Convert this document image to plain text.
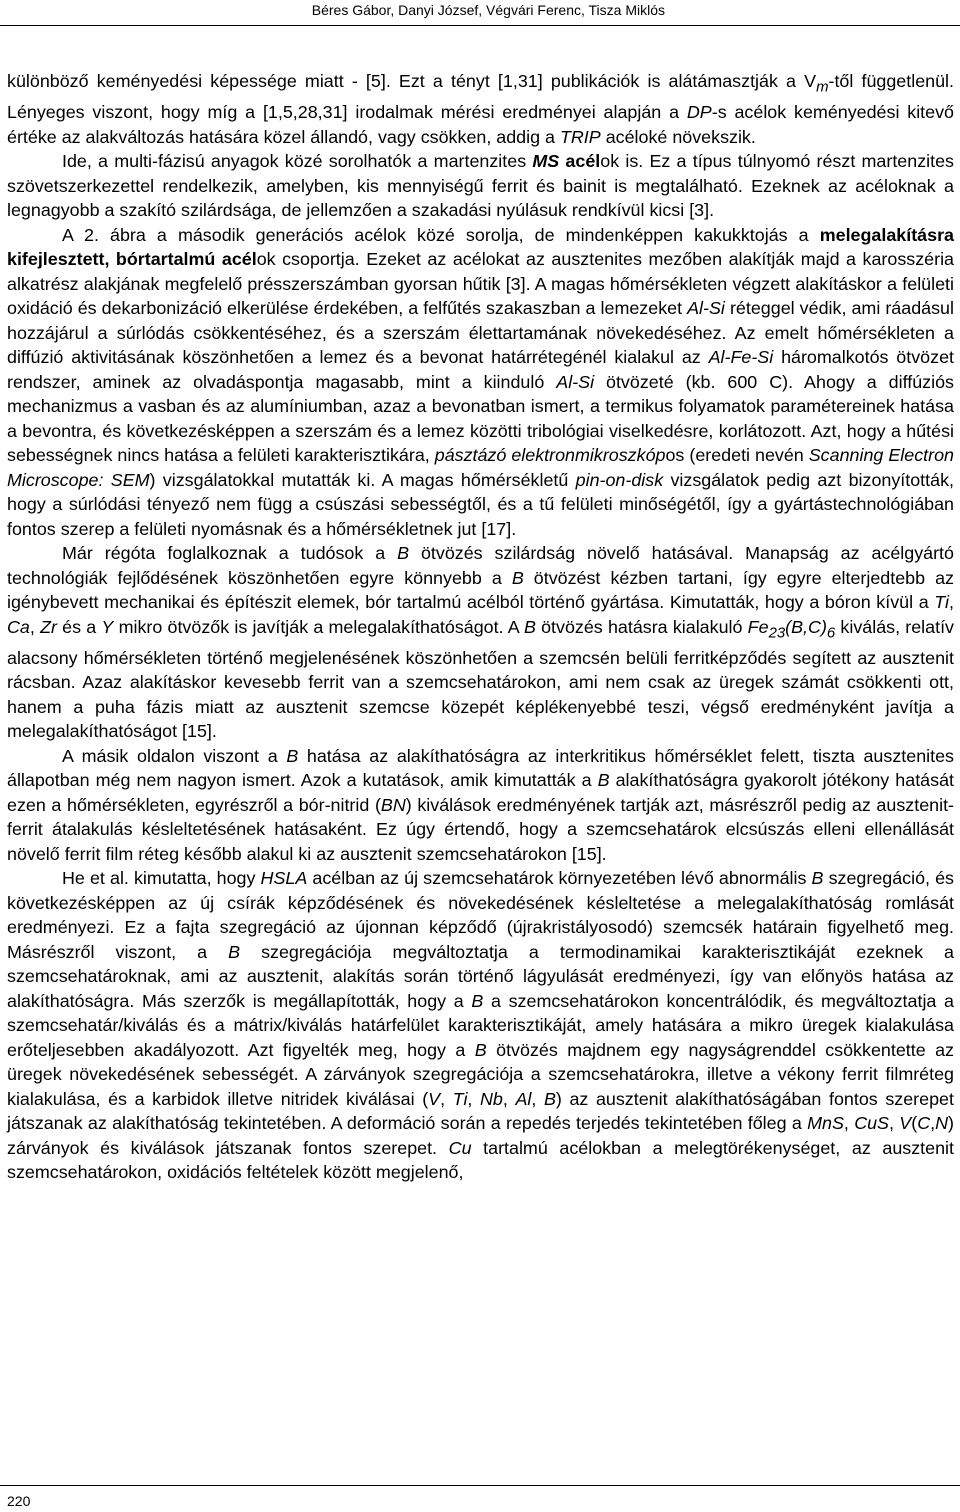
Béres Gábor, Danyi József, Végvári Ferenc, Tisza Miklós

különböző keményedési képessége miatt - [5]. Ezt a tényt [1,31] publikációk is alátámasztják a $V_m$-től függetlenül. Lényeges viszont, hogy míg a [1,5,28,31] irodalmak mérési eredményei alapján a DP-s acélok keményedési kitevő értéke az alakváltozás hatására közel állandó, vagy csökken, addig a TRIP acéloké növekszik.

Ide, a multi-fázisú anyagok közé sorolhatók a martenzites MS acélok is. Ez a típus túlnyomó részt martenzites szövetszerkezettel rendelkezik, amelyben, kis mennyiségű ferrit és bainit is megtalálható. Ezeknek az acéloknak a legnagyobb a szakító szilárdsága, de jellemzően a szakadási nyúlásuk rendkívül kicsi [3].

A 2. ábra a második generációs acélok közé sorolja, de mindenképpen kakukktojás a melegalakításra kifejlesztett, bórtartalmú acélok csoportja. Ezeket az acélokat az ausztenites mezőben alakítják majd a karosszéria alkatrész alakjának megfelelő présszerszámban gyorsan hűtik [3]. A magas hőmérsékleten végzett alakításkor a felületi oxidáció és dekarbonizáció elkerülése érdekében, a felfűtés szakaszban a lemezeket Al-Si réteggel védik, ami ráadásul hozzájárul a súrlódás csökkentéséhez, és a szerszám élettartamának növekedéséhez. Az emelt hőmérsékleten a diffúzió aktivitásának köszönhetően a lemez és a bevonat határrétegénél kialakul az Al-Fe-Si háromalkotós ötvözet rendszer, aminek az olvadáspontja magasabb, mint a kiinduló Al-Si ötvözeté (kb. 600 C). Ahogy a diffúziós mechanizmus a vasban és az alumíniumban, azaz a bevonatban ismert, a termikus folyamatok paramétereinek hatása a bevontra, és következésképpen a szerszám és a lemez közötti tribológiai viselkedésre, korlátozott. Azt, hogy a hűtési sebességnek nincs hatása a felületi karakterisztikára, pásztázó elektronmikroszkópos (eredeti nevén Scanning Electron Microscope: SEM) vizsgálatokkal mutatták ki. A magas hőmérsékletű pin-on-disk vizsgálatok pedig azt bizonyították, hogy a súrlódási tényező nem függ a csúszási sebességtől, és a tű felületi minőségétől, így a gyártástechnológiában fontos szerep a felületi nyomásnak és a hőmérsékletnek jut [17].

Már régóta foglalkoznak a tudósok a B ötvözés szilárdság növelő hatásával. Manapság az acélgyártó technológiák fejlődésének köszönhetően egyre könnyebb a B ötvözést kézben tartani, így egyre elterjedtebb az igénybevett mechanikai és építészit elemek, bór tartalmú acélból történő gyártása. Kimutatták, hogy a bóron kívül a Ti, Ca, Zr és a Y mikro ötvözők is javítják a melegalakíthatóságot. A B ötvözés hatásra kialakuló $Fe_{23}(B,C)_6$ kiválás, relatív alacsony hőmérsékleten történő megjelenésének köszönhetően a szemcsén belüli ferritképződés segített az ausztenit rácsban. Azaz alakításkor kevesebb ferrit van a szemcsehatárokon, ami nem csak az üregek számát csökkenti ott, hanem a puha fázis miatt az ausztenit szemcse közepét képlékenyebbé teszi, végső eredményként javítja a melegalakíthatóságot [15].

A másik oldalon viszont a B hatása az alakíthatóságra az interkritikus hőmérséklet felett, tiszta ausztenites állapotban még nem nagyon ismert. Azok a kutatások, amik kimutatták a B alakíthatóságra gyakorolt jótékony hatását ezen a hőmérsékleten, egyrészről a bór-nitrid (BN) kiválások eredményének tartják azt, másrészről pedig az ausztenit-ferrit átalakulás késleltetésének hatásaként. Ez úgy értendő, hogy a szemcsehatárok elcsúszás elleni ellenállását növelő ferrit film réteg később alakul ki az ausztenit szemcsehatárokon [15].

He et al. kimutatta, hogy HSLA acélban az új szemcsehatárok környezetében lévő abnormális B szegregáció, és következésképpen az új csírák képződésének és növekedésének késleltetése a melegalakíthatóság romlását eredményezi. Ez a fajta szegregáció az újonnan képződő (újrakristályosodó) szemcsék határain figyelhető meg. Másrészről viszont, a B szegregációja megváltoztatja a termodinamikai karakterisztikáját ezeknek a szemcsehatároknak, ami az ausztenit, alakítás során történő lágyulását eredményezi, így van előnyös hatása az alakíthatóságra. Más szerzők is megállapították, hogy a B a szemcsehatárokon koncentrálódik, és megváltoztatja a szemcsehatár/kiválás és a mátrix/kiválás határfelület karakterisztikáját, amely hatására a mikro üregek kialakulása erőteljesebben akadályozott. Azt figyelték meg, hogy a B ötvözés majdnem egy nagyságrenddel csökkentette az üregek növekedésének sebességét. A zárványok szegregációja a szemcsehatárokra, illetve a vékony ferrit filmréteg kialakulása, és a karbidok illetve nitridek kiválásai (V, Ti, Nb, Al, B) az ausztenit alakíthatóságában fontos szerepet játszanak az alakíthatóság tekintetében. A deformáció során a repedés terjedés tekintetében főleg a MnS, CuS, V(C,N) zárványok és kiválások játszanak fontos szerepet. Cu tartalmú acélokban a melegtörékenységet, az ausztenit szemcsehatárokon, oxidációs feltételek között megjelenő,

220
